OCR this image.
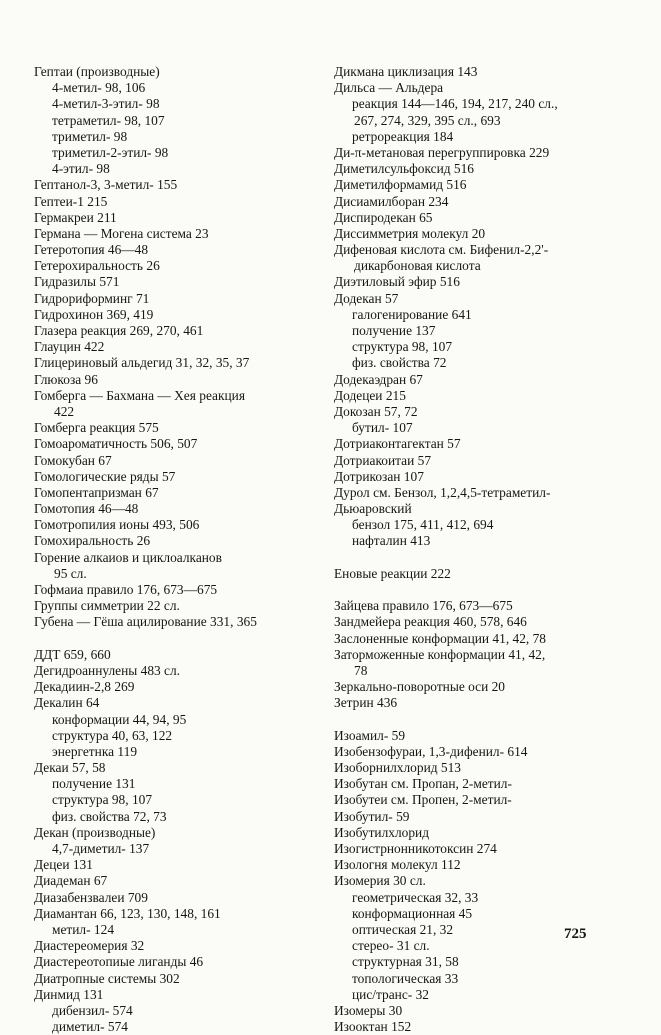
Гептаи (производные)
4-метил- 98, 106
4-метил-3-этил- 98
тетраметил- 98, 107
триметил- 98
триметил-2-этил- 98
4-этил- 98
Гептанол-3, 3-метил- 155
Гептеи-1 215
Гермакреи 211
Германа — Могена система 23
Гетеротопия 46—48
Гетерохиральность 26
Гидразилы 571
Гидрориформинг 71
Гидрохинон 369, 419
Глазера реакция 269, 270, 461
Глауцин 422
Глицериновый альдегид 31, 32, 35, 37
Глюкоза 96
Гомберга — Бахмана — Хея реакция
422
Гомберга реакция 575
Гомоароматичность 506, 507
Гомокубан 67
Гомологические ряды 57
Гомопентапризман 67
Гомотопия 46—48
Гомотропилия ионы 493, 506
Гомохиральность 26
Горение алкаиов и циклоалканов
95 сл.
Гофмаиа правило 176, 673—675
Группы симметрии 22 сл.
Губена — Гёша ацилирование 331, 365
ДДТ 659, 660
Дегидроаннулены 483 сл.
Декадиин-2,8 269
Декалин 64
конформации 44, 94, 95
структура 40, 63, 122
энергетнка 119
Декаи 57, 58
получение 131
структура 98, 107
физ. свойства 72, 73
Декан (производные)
4,7-диметил- 137
Децеи 131
Диадеман 67
Диазабензвалеи 709
Диамантан 66, 123, 130, 148, 161
метил- 124
Диастереомерия 32
Диастереотопиые лиганды 46
Диатропные системы 302
Динмид 131
дибензил- 574
диметил- 574
Дикмана циклизация 143
Дильса — Альдера
реакция 144—146, 194, 217, 240 сл.,
267, 274, 329, 395 сл., 693
ретрореакция 184
Ди-π-метановая перегруппировка 229
Диметилсульфоксид 516
Диметилформамид 516
Дисиамилборан 234
Диспиродекан 65
Диссимметрия молекул 20
Дифеновая кислота см. Бифенил-2,2'-
дикарбоновая кислота
Диэтиловый эфир 516
Додекан 57
галогенирование 641
получение 137
структура 98, 107
физ. свойства 72
Додекаэдран 67
Додецеи 215
Докозан 57, 72
бутил- 107
Дотриаконтагектан 57
Дотриакоитаи 57
Дотрикозан 107
Дурол см. Бензол, 1,2,4,5-тетраметил-
Дьюаровский
бензол 175, 411, 412, 694
нафталин 413
Еновые реакции 222
Зайцева правило 176, 673—675
Зандмейера реакция 460, 578, 646
Заслоненные конформации 41, 42, 78
Заторможенные конформации 41, 42,
78
Зеркально-поворотные оси 20
Зетрин 436
Изоамил- 59
Изобензофураи, 1,3-дифенил- 614
Изоборнилхлорид 513
Изобутан см. Пропан, 2-метил-
Изобутеи см. Пропен, 2-метил-
Изобутил- 59
Изобутилхлорид
Изогистрнонникотоксин 274
Изологня молекул 112
Изомерия 30 сл.
геометрическая 32, 33
конформационная 45
оптическая 21, 32
стерео- 31 сл.
структурная 31, 58
топологическая 33
цис/транс- 32
Изомеры 30
Изооктан 152
725
